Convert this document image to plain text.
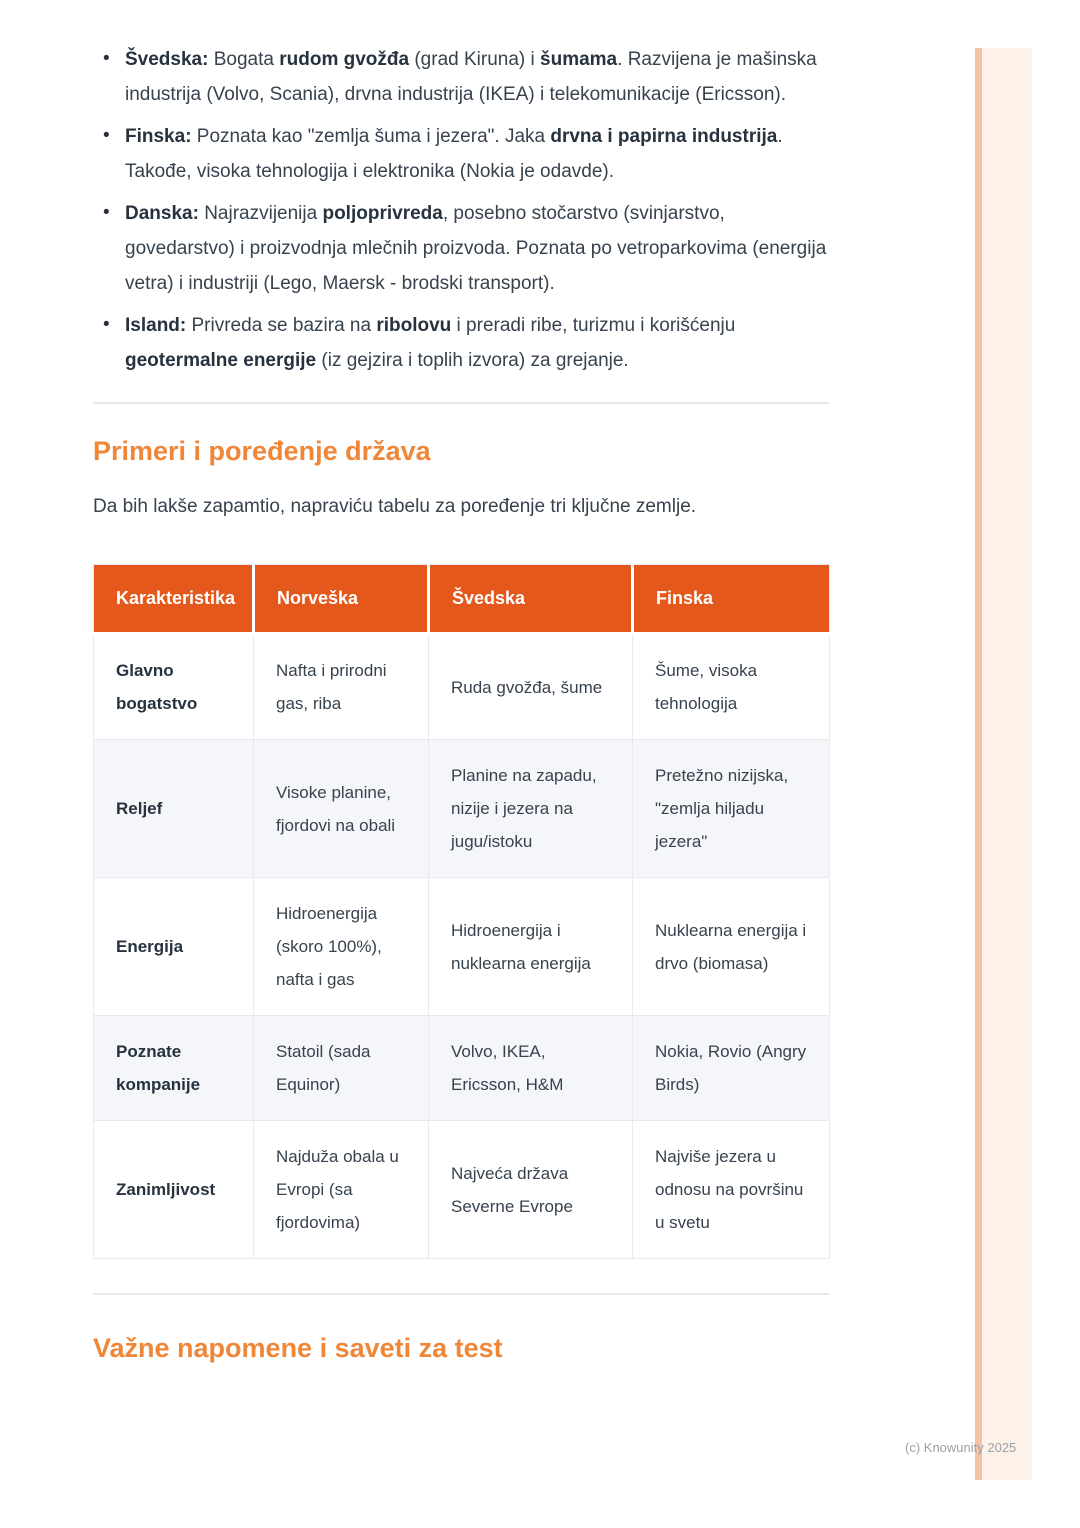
• Švedska: Bogata rudom gvožđa (grad Kiruna) i šumama. Razvijena je mašinska industrija (Volvo, Scania), drvna industrija (IKEA) i telekomunikacije (Ericsson).
• Finska: Poznata kao "zemlja šuma i jezera". Jaka drvna i papirna industrija. Takođe, visoka tehnologija i elektronika (Nokia je odavde).
• Danska: Najrazvijenija poljoprivreda, posebno stočarstvo (svinjarstvo, govedarstvo) i proizvodnja mlečnih proizvoda. Poznata po vetroparkovima (energija vetra) i industriji (Lego, Maersk - brodski transport).
• Island: Privreda se bazira na ribolovu i preradi ribe, turizmu i korišćenju geotermalne energije (iz gejzira i toplih izvora) za grejanje.
Primeri i poređenje država

Da bih lakše zapamtio, napraviću tabelu za poređenje tri ključne zemlje.

Karakteristika	Norveška	Švedska	Finska
Glavno bogatstvo	Nafta i prirodni gas, riba	Ruda gvožđa, šume	Šume, visoka tehnologija
Reljef	Visoke planine, fjordovi na obali	Planine na zapadu, nizije i jezera na jugu/istoku	Pretežno nizijska, "zemlja hiljadu jezera"
Energija	Hidroenergija (skoro 100%), nafta i gas	Hidroenergija i nuklearna energija	Nuklearna energija i drvo (biomasa)
Poznate kompanije	Statoil (sada Equinor)	Volvo, IKEA, Ericsson, H&M	Nokia, Rovio (Angry Birds)
Zanimljivost	Najduža obala u Evropi (sa fjordovima)	Najveća država Severne Evrope	Najviše jezera u odnosu na površinu u svetu
Važne napomene i saveti za test
(c) Knowunity 2025
